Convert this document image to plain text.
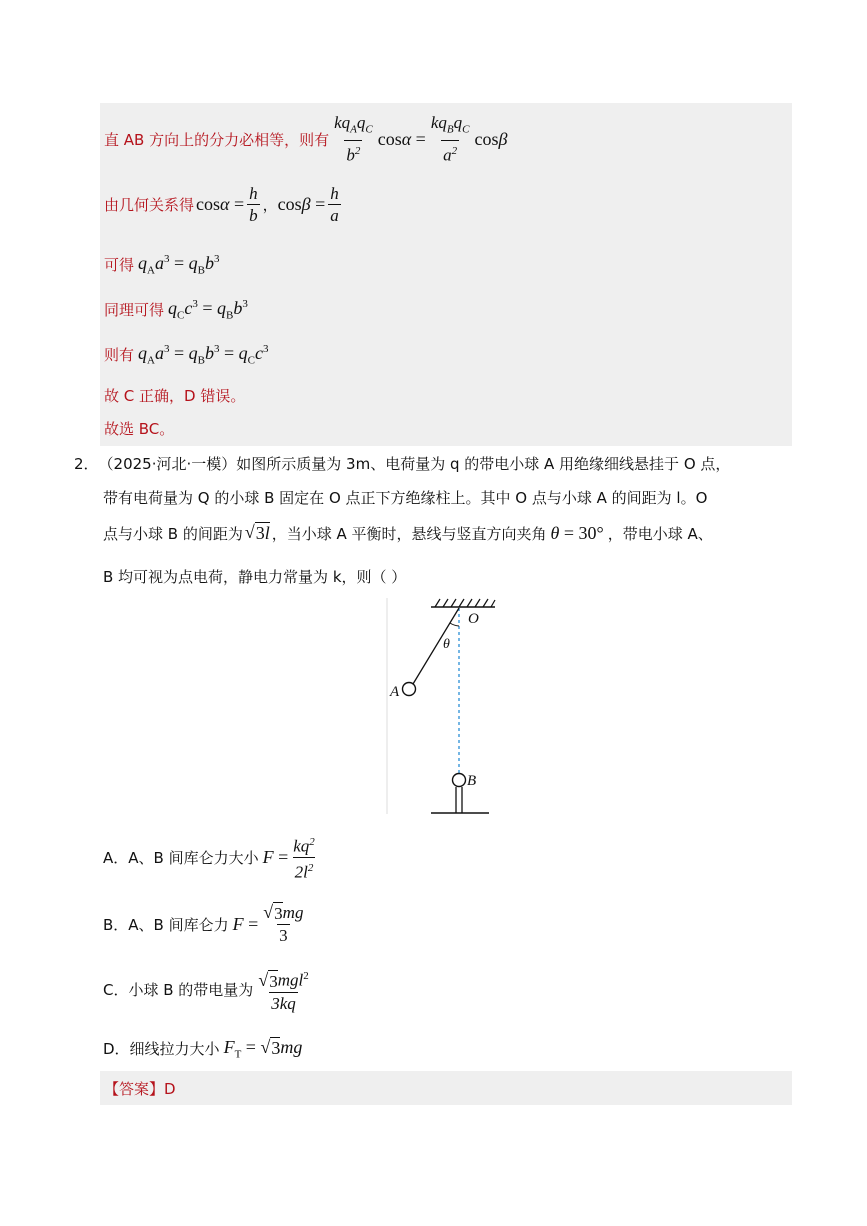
直 AB 方向上的分力必相等，则有 $\frac{kq_Aq_C}{b^2}$ $\cos\alpha = \frac{kq_Bq_C}{a^2}$ cosβ
由几何关系得 $\cos\alpha = \frac{h}{b}$ ， $\cos\beta = \frac{h}{a}$
可得 $q_Aa^3 = q_Bb^3$
同理可得 $q_Cc^3 = q_Bb^3$
则有 $q_Aa^3 = q_Bb^3 = q_Cc^3$
故 C 正确，D 错误。
故选 BC。
2． （2025·河北·一模） 如图所示质量为 3m、电荷量为 q 的带电小球 A 用绝缘细线悬挂于 O 点，
带有电荷量为 Q 的小球 B 固定在 O 点正下方绝缘柱上。其中 O 点与小球 A 的间距为 l。O
点与小球 B 的间距为 √ 3l ，当小球 A 平衡时，悬线与竖直方向夹角 θ = 30° ，带电小球 A、
B 均可视为点电荷，静电力常量为 k，则（ ）
O
θ
A
B
A．A、B 间库仑力大小 $F = \frac{kq^2}{2l^2}$
B．A、B 间库仑力 $F = \frac{√ 3 mg}{3}$
C．小球 B 的带电量为 $\frac{√ 3 mgl^2}{3kq}$
D．细线拉力大小 $F_T$ = √ 3 mg
【答案】 D
